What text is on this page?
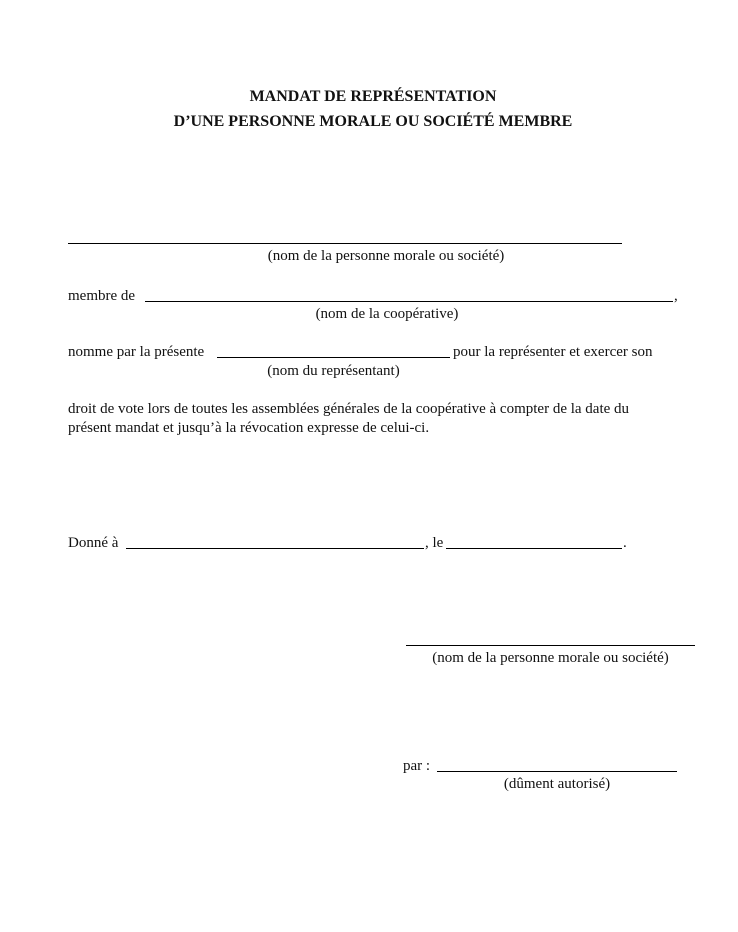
MANDAT DE REPRÉSENTATION
D’UNE PERSONNE MORALE OU SOCIÉTÉ MEMBRE
(nom de la personne morale ou société)
membre de	,
(nom de la coopérative)
nomme par la présente	pour la représenter et exercer son
(nom du représentant)
droit de vote lors de toutes les assemblées générales de la coopérative à compter de la date du
présent mandat et jusqu’à la révocation expresse de celui-ci.
Donné à	, le	.
(nom de la personne morale ou société)
par :
(dûment autorisé)
